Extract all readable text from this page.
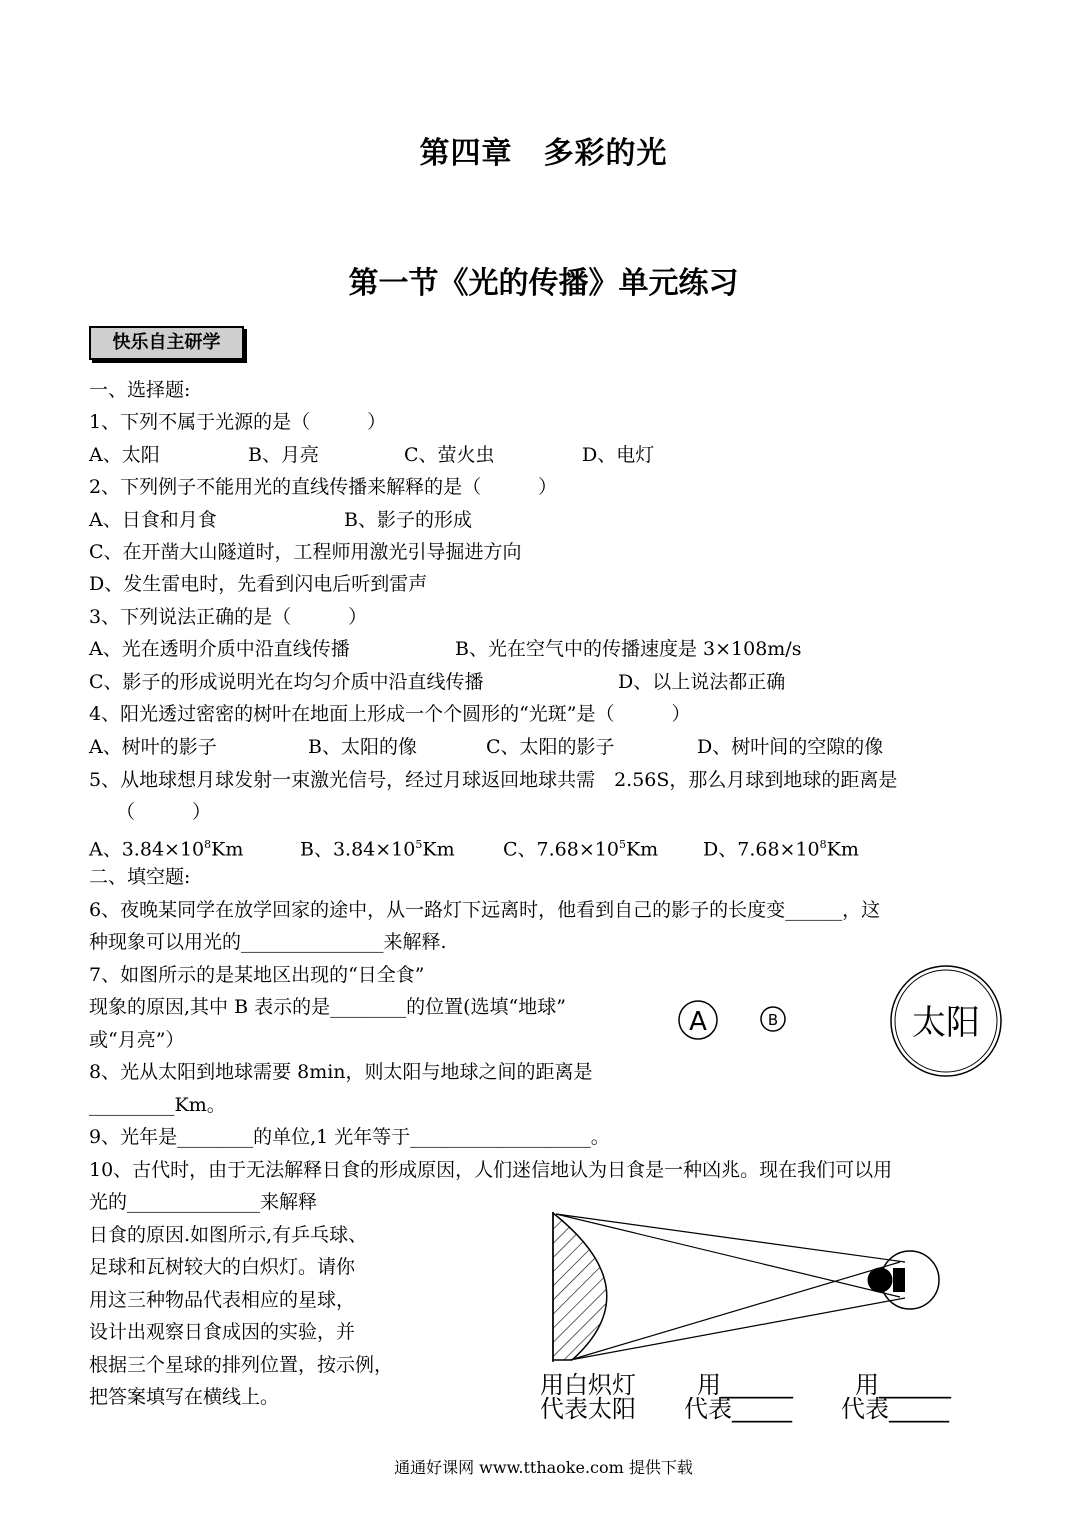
第四章　多彩的光
第一节《光的传播》单元练习
快乐自主研学
一、选择题:
1、下列不属于光源的是（　　　）
A、太阳	B、月亮	C、萤火虫	D、电灯
2、下列例子不能用光的直线传播来解释的是（　　　）
A、日食和月食	B、影子的形成
C、在开凿大山隧道时，工程师用激光引导掘进方向
D、发生雷电时，先看到闪电后听到雷声
3、下列说法正确的是（　　　）
A、光在透明介质中沿直线传播	B、光在空气中的传播速度是 3×108m/s
C、影子的形成说明光在均匀介质中沿直线传播	D、以上说法都正确
4、阳光透过密密的树叶在地面上形成一个个圆形的“光斑”是（　　　）
A、树叶的影子	B、太阳的像	C、太阳的影子	D、树叶间的空隙的像
5、从地球想月球发射一束激光信号，经过月球返回地球共需　2.56S，那么月球到地球的距离是
（　　　）
A、$3.84\times 10^8Km$	B、$3.84\times 10^5Km$	C、$7.68\times 10^5Km$ D、$7.68\times 10^8Km$
二、填空题:
6、夜晚某同学在放学回家的途中，从一路灯下远离时，他看到自己的影子的长度变______，这
种现象可以用光的_______________来解释.
7、如图所示的是某地区出现的“日全食”
现象的原因,其中 B 表示的是________的位置(选填“地球”
或“月亮”）
A	B	太阳
8、光从太阳到地球需要 8min，则太阳与地球之间的距离是
_________Km。
9、光年是________的单位,1 光年等于___________________。
10、古代时，由于无法解释日食的形成原因，人们迷信地认为日食是一种凶兆。现在我们可以用
光的______________来解释
日食的原因.如图所示,有乒乓球、
足球和瓦树较大的白炽灯。请你
用这三种物品代表相应的星球，
设计出观察日食成因的实验，并
根据三个星球的排列位置，按示例，
把答案填写在横线上。	用白炽灯
代表太阳
用______
代表_____
用______
代表_____
通通好课网 www.tthaoke.com 提供下载
